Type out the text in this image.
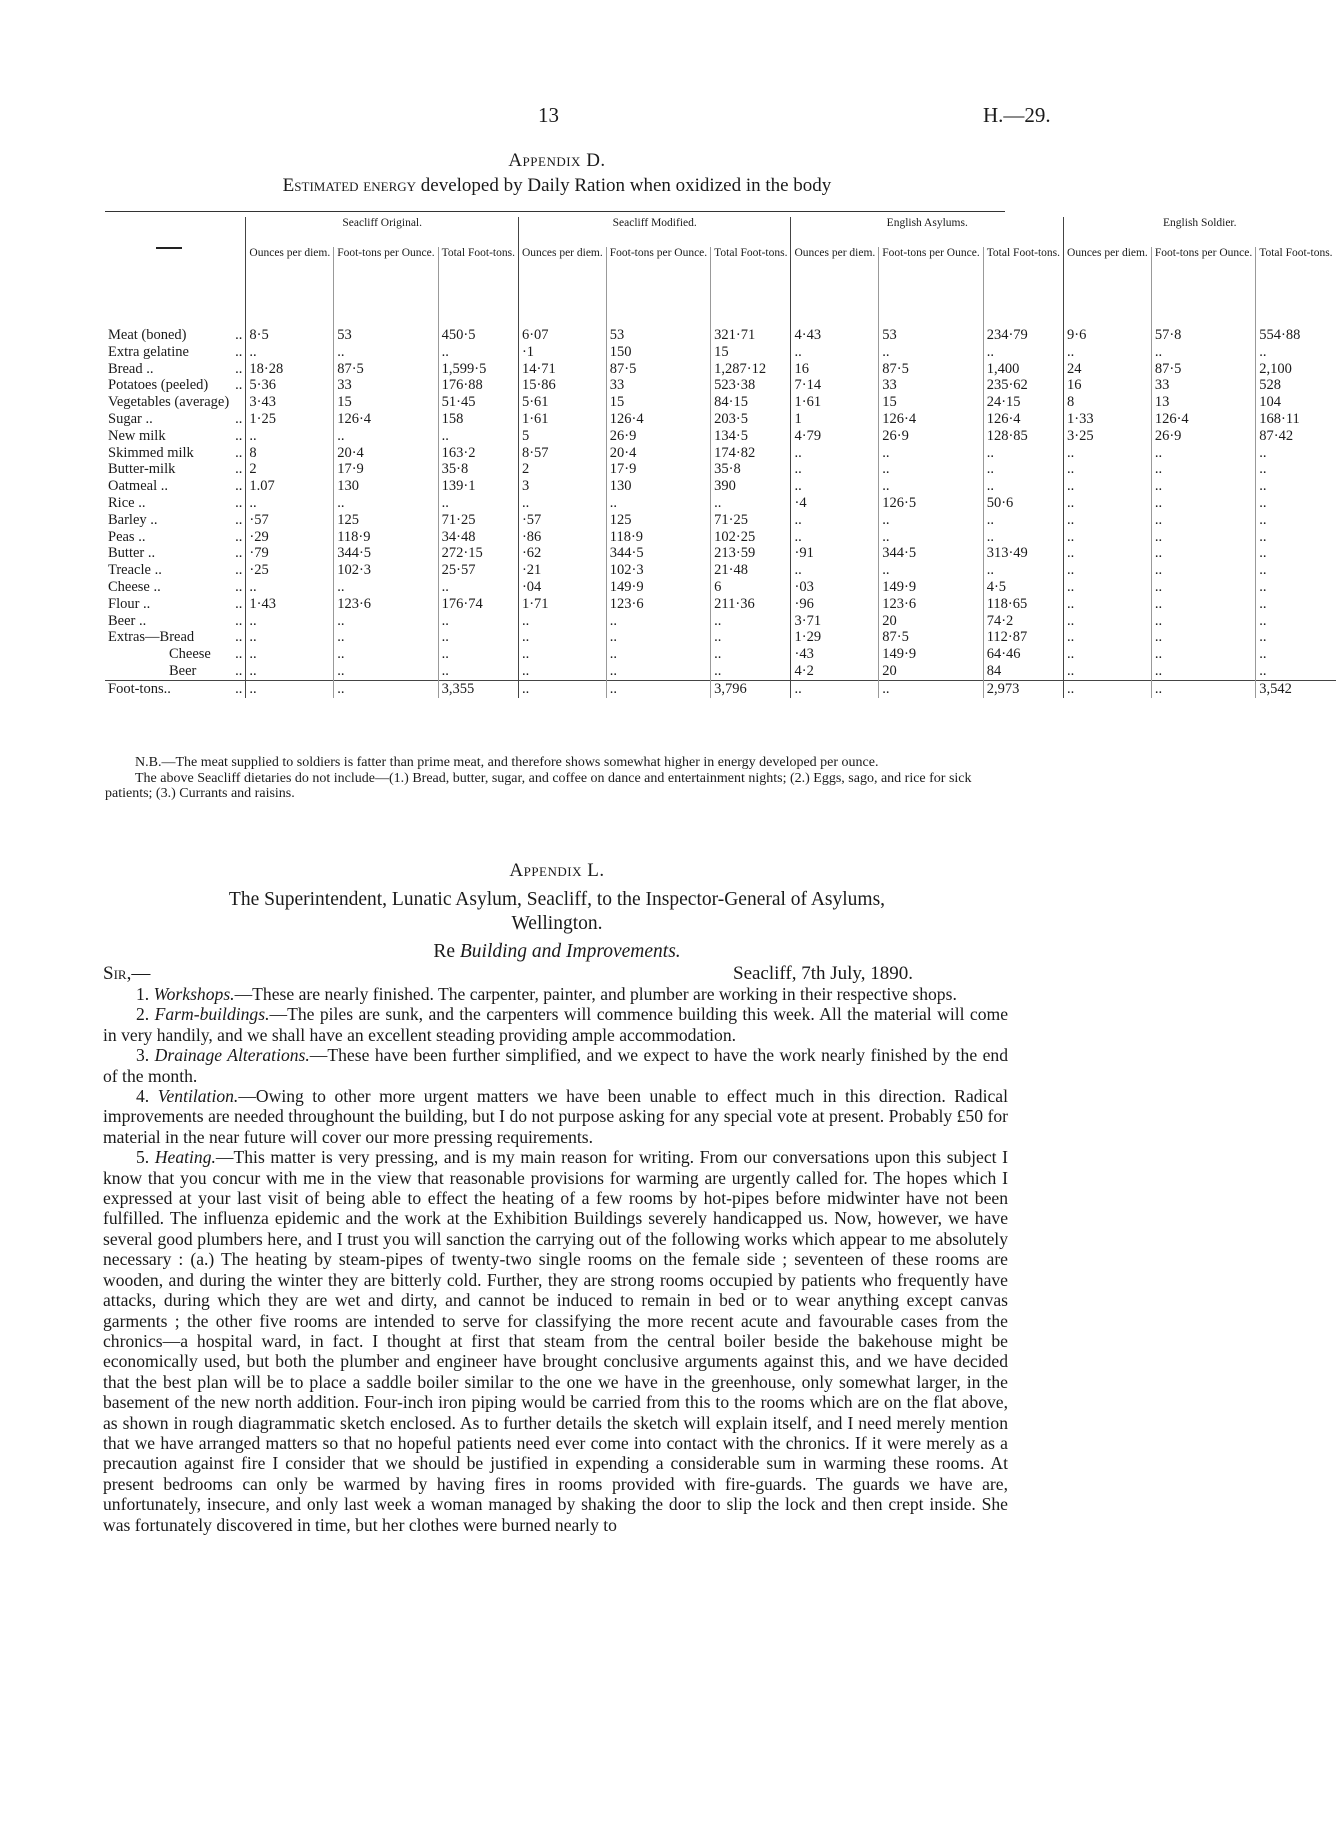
13	H.—29.
Appendix D.
Estimated energy developed by Daily Ration when oxidized in the body
		Seacliff Original.			Seacliff Modified.			English Asylums.			English Soldier.		

		Ounces per diem.	Foot-tons per Ounce.	Total Foot-tons.	Ounces per diem.	Foot-tons per Ounce.	Total Foot-tons.	Ounces per diem.	Foot-tons per Ounce.	Total Foot-tons.	Ounces per diem.	Foot-tons per Ounce.	Total Foot-tons.

Meat (boned)	..	8·5	53	450·5	6·07	53	321·71	4·43	53	234·79	9·6	57·8	554·88
Extra gelatine	..	..	..	..	·1	150	15	..	..	..	..	..	..
Bread ..	..	18·28	87·5	1,599·5	14·71	87·5	1,287·12	16	87·5	1,400	24	87·5	2,100
Potatoes (peeled)	..	5·36	33	176·88	15·86	33	523·38	7·14	33	235·62	16	33	528
Vegetables (average)		3·43	15	51·45	5·61	15	84·15	1·61	15	24·15	8	13	104
Sugar ..	..	1·25	126·4	158	1·61	126·4	203·5	1	126·4	126·4	1·33	126·4	168·11
New milk	..	..	..	..	5	26·9	134·5	4·79	26·9	128·85	3·25	26·9	87·42
Skimmed milk	..	8	20·4	163·2	8·57	20·4	174·82	..	..	..	..	..	..
Butter-milk	..	2	17·9	35·8	2	17·9	35·8	..	..	..	..	..	..
Oatmeal ..	..	1.07	130	139·1	3	130	390	..	..	..	..	..	..
Rice ..	..	..	..	..	..	..	..	·4	126·5	50·6	..	..	..
Barley ..	..	·57	125	71·25	·57	125	71·25	..	..	..	..	..	..
Peas ..	..	·29	118·9	34·48	·86	118·9	102·25	..	..	..	..	..	..
Butter ..	..	·79	344·5	272·15	·62	344·5	213·59	·91	344·5	313·49	..	..	..
Treacle ..	..	·25	102·3	25·57	·21	102·3	21·48	..	..	..	..	..	..
Cheese ..	..	..	..	..	·04	149·9	6	·03	149·9	4·5	..	..	..
Flour ..	..	1·43	123·6	176·74	1·71	123·6	211·36	·96	123·6	118·65	..	..	..
Beer ..	..	..	..	..	..	..	..	3·71	20	74·2	..	..	..
Extras—Bread	..	..	..	..	..	..	..	1·29	87·5	112·87	..	..	..
Cheese	..	..	..	..	..	..	..	·43	149·9	64·46	..	..	..
Beer	..	..	..	..	..	..	..	4·2	20	84	..	..	..
Foot-tons..	..	..	..	3,355	..	..	3,796	..	..	2,973	..	..	3,542

N.B.—The meat supplied to soldiers is fatter than prime meat, and therefore shows somewhat higher in energy developed per ounce.

The above Seacliff dietaries do not include—(1.) Bread, butter, sugar, and coffee on dance and entertainment nights; (2.) Eggs, sago, and rice for sick patients; (3.) Currants and raisins.

Appendix L.
The Superintendent, Lunatic Asylum, Seacliff, to the Inspector-General of Asylums,
Wellington.
Re Building and Improvements.
Sir,—	Seacliff, 7th July, 1890.

1. Workshops.—These are nearly finished. The carpenter, painter, and plumber are working in their respective shops.

2. Farm-buildings.—The piles are sunk, and the carpenters will commence building this week. All the material will come in very handily, and we shall have an excellent steading providing ample accommodation.

3. Drainage Alterations.—These have been further simplified, and we expect to have the work nearly finished by the end of the month.

4. Ventilation.—Owing to other more urgent matters we have been unable to effect much in this direction. Radical improvements are needed throughount the building, but I do not purpose asking for any special vote at present. Probably £50 for material in the near future will cover our more pressing requirements.

5. Heating.—This matter is very pressing, and is my main reason for writing. From our conversations upon this subject I know that you concur with me in the view that reasonable provisions for warming are urgently called for. The hopes which I expressed at your last visit of being able to effect the heating of a few rooms by hot-pipes before midwinter have not been fulfilled. The influenza epidemic and the work at the Exhibition Buildings severely handicapped us. Now, however, we have several good plumbers here, and I trust you will sanction the carrying out of the following works which appear to me absolutely necessary : (a.) The heating by steam-pipes of twenty-two single rooms on the female side ; seventeen of these rooms are wooden, and during the winter they are bitterly cold. Further, they are strong rooms occupied by patients who frequently have attacks, during which they are wet and dirty, and cannot be induced to remain in bed or to wear anything except canvas garments ; the other five rooms are intended to serve for classifying the more recent acute and favourable cases from the chronics—a hospital ward, in fact. I thought at first that steam from the central boiler beside the bakehouse might be economically used, but both the plumber and engineer have brought conclusive arguments against this, and we have decided that the best plan will be to place a saddle boiler similar to the one we have in the greenhouse, only somewhat larger, in the basement of the new north addition. Four-inch iron piping would be carried from this to the rooms which are on the flat above, as shown in rough diagrammatic sketch enclosed. As to further details the sketch will explain itself, and I need merely mention that we have arranged matters so that no hopeful patients need ever come into contact with the chronics. If it were merely as a precaution against fire I consider that we should be justified in expending a considerable sum in warming these rooms. At present bedrooms can only be warmed by having fires in rooms provided with fire-guards. The guards we have are, unfortunately, insecure, and only last week a woman managed by shaking the door to slip the lock and then crept inside. She was fortunately discovered in time, but her clothes were burned nearly to
